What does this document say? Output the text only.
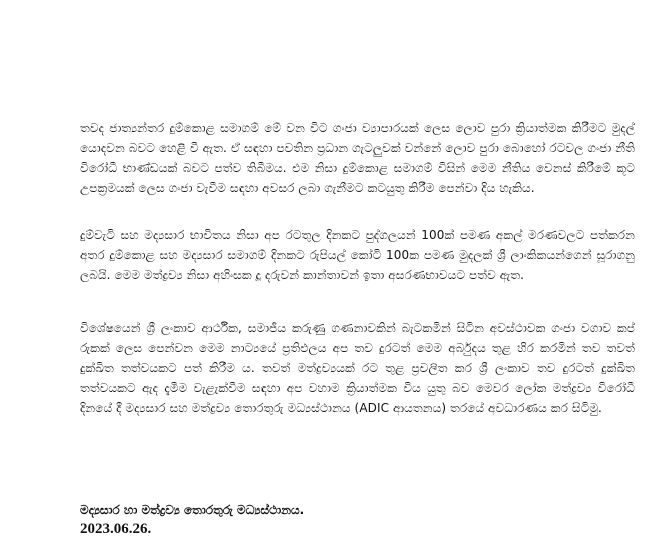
තවද ජාත්‍යන්තර දුම්කොළ සමාගම් මේ වන විට ගංජා ව්‍යාපාරයක් ලෙස ලොව පුරා ක්‍රියාත්මක කිරීමට මුදල් යොදවන බවට හෙළි වී ඇත. ඒ සඳහා පවතින ප්‍රධාන ගැටලුවක් වන්නේ ලොව පුරා බොහෝ රටවල ගංජා නීති විරෝධී භාණ්ඩයක් බවට පත්ව තිබීමය. එම නිසා දුම්කොළ සමාගම් විසින් මෙම නීතිය වෙනස් කිරීමේ කූට උපක්‍රමයක් ලෙස ගංජා වැවීම සඳහා අවසර ලබා ගැනීමට කටයුතු කිරීම පෙන්වා දිය හැකිය.

දුම්වැටි සහ මද්‍යසාර භාවිතය නිසා අප රටතුල දිනකට පුද්ගලයන් 100ක් පමණ අකල් මරණවලට පත්කරන අතර දුම්කොළ සහ මද්‍යසාර සමාගම් දිනකට රුපියල් කෝටි 100ක පමණ මුදලක් ශ්‍රී ලාංකිකයන්ගෙන් සූරාගනු ලබයි. මෙම මත්ද්‍රව්‍ය නිසා අහිංසක දූ දරුවන් කාන්තාවන් ඉතා අසරණභාවයට පත්ව ඇත.

විශේෂයෙන් ශ්‍රී ලංකාව ආර්ථික, සමාජීය කරුණු ගණනාවකින් බැටකමින් සිටින අවස්ථාවක ගංජා වගාව කප් රුකක් ලෙස පෙන්වන මෙම නාට්‍යයේ ප්‍රතිඵලය අප තව දුරටත් මෙම අර්බුදය තුළ හිර කරමින් තව තවත් දුක්ඛිත තත්වයකට පත් කිරීම ය. තවත් මත්ද්‍රව්‍යයක් රට තුළ ප්‍රචලිත කර ශ්‍රී ලංකාව තව දුරටත් දුක්ඛිත තත්වයකට ඇද දැමීම වැළැක්වීම සඳහා අප වහාම ක්‍රියාත්මක විය යුතු බව මෙවර ලෝක මත්ද්‍රව්‍ය විරෝධී දිනයේ දී මද්‍යසාර සහ මත්ද්‍රව්‍ය තොරතුරු මධ්‍යස්ථානය (ADIC ආයතනය) තරයේ අවධාරණය කර සිටිමු.

මද්‍යසාර හා මත්ද්‍රව්‍ය තොරතුරු මධ්‍යස්ථානය.

2023.06.26.
